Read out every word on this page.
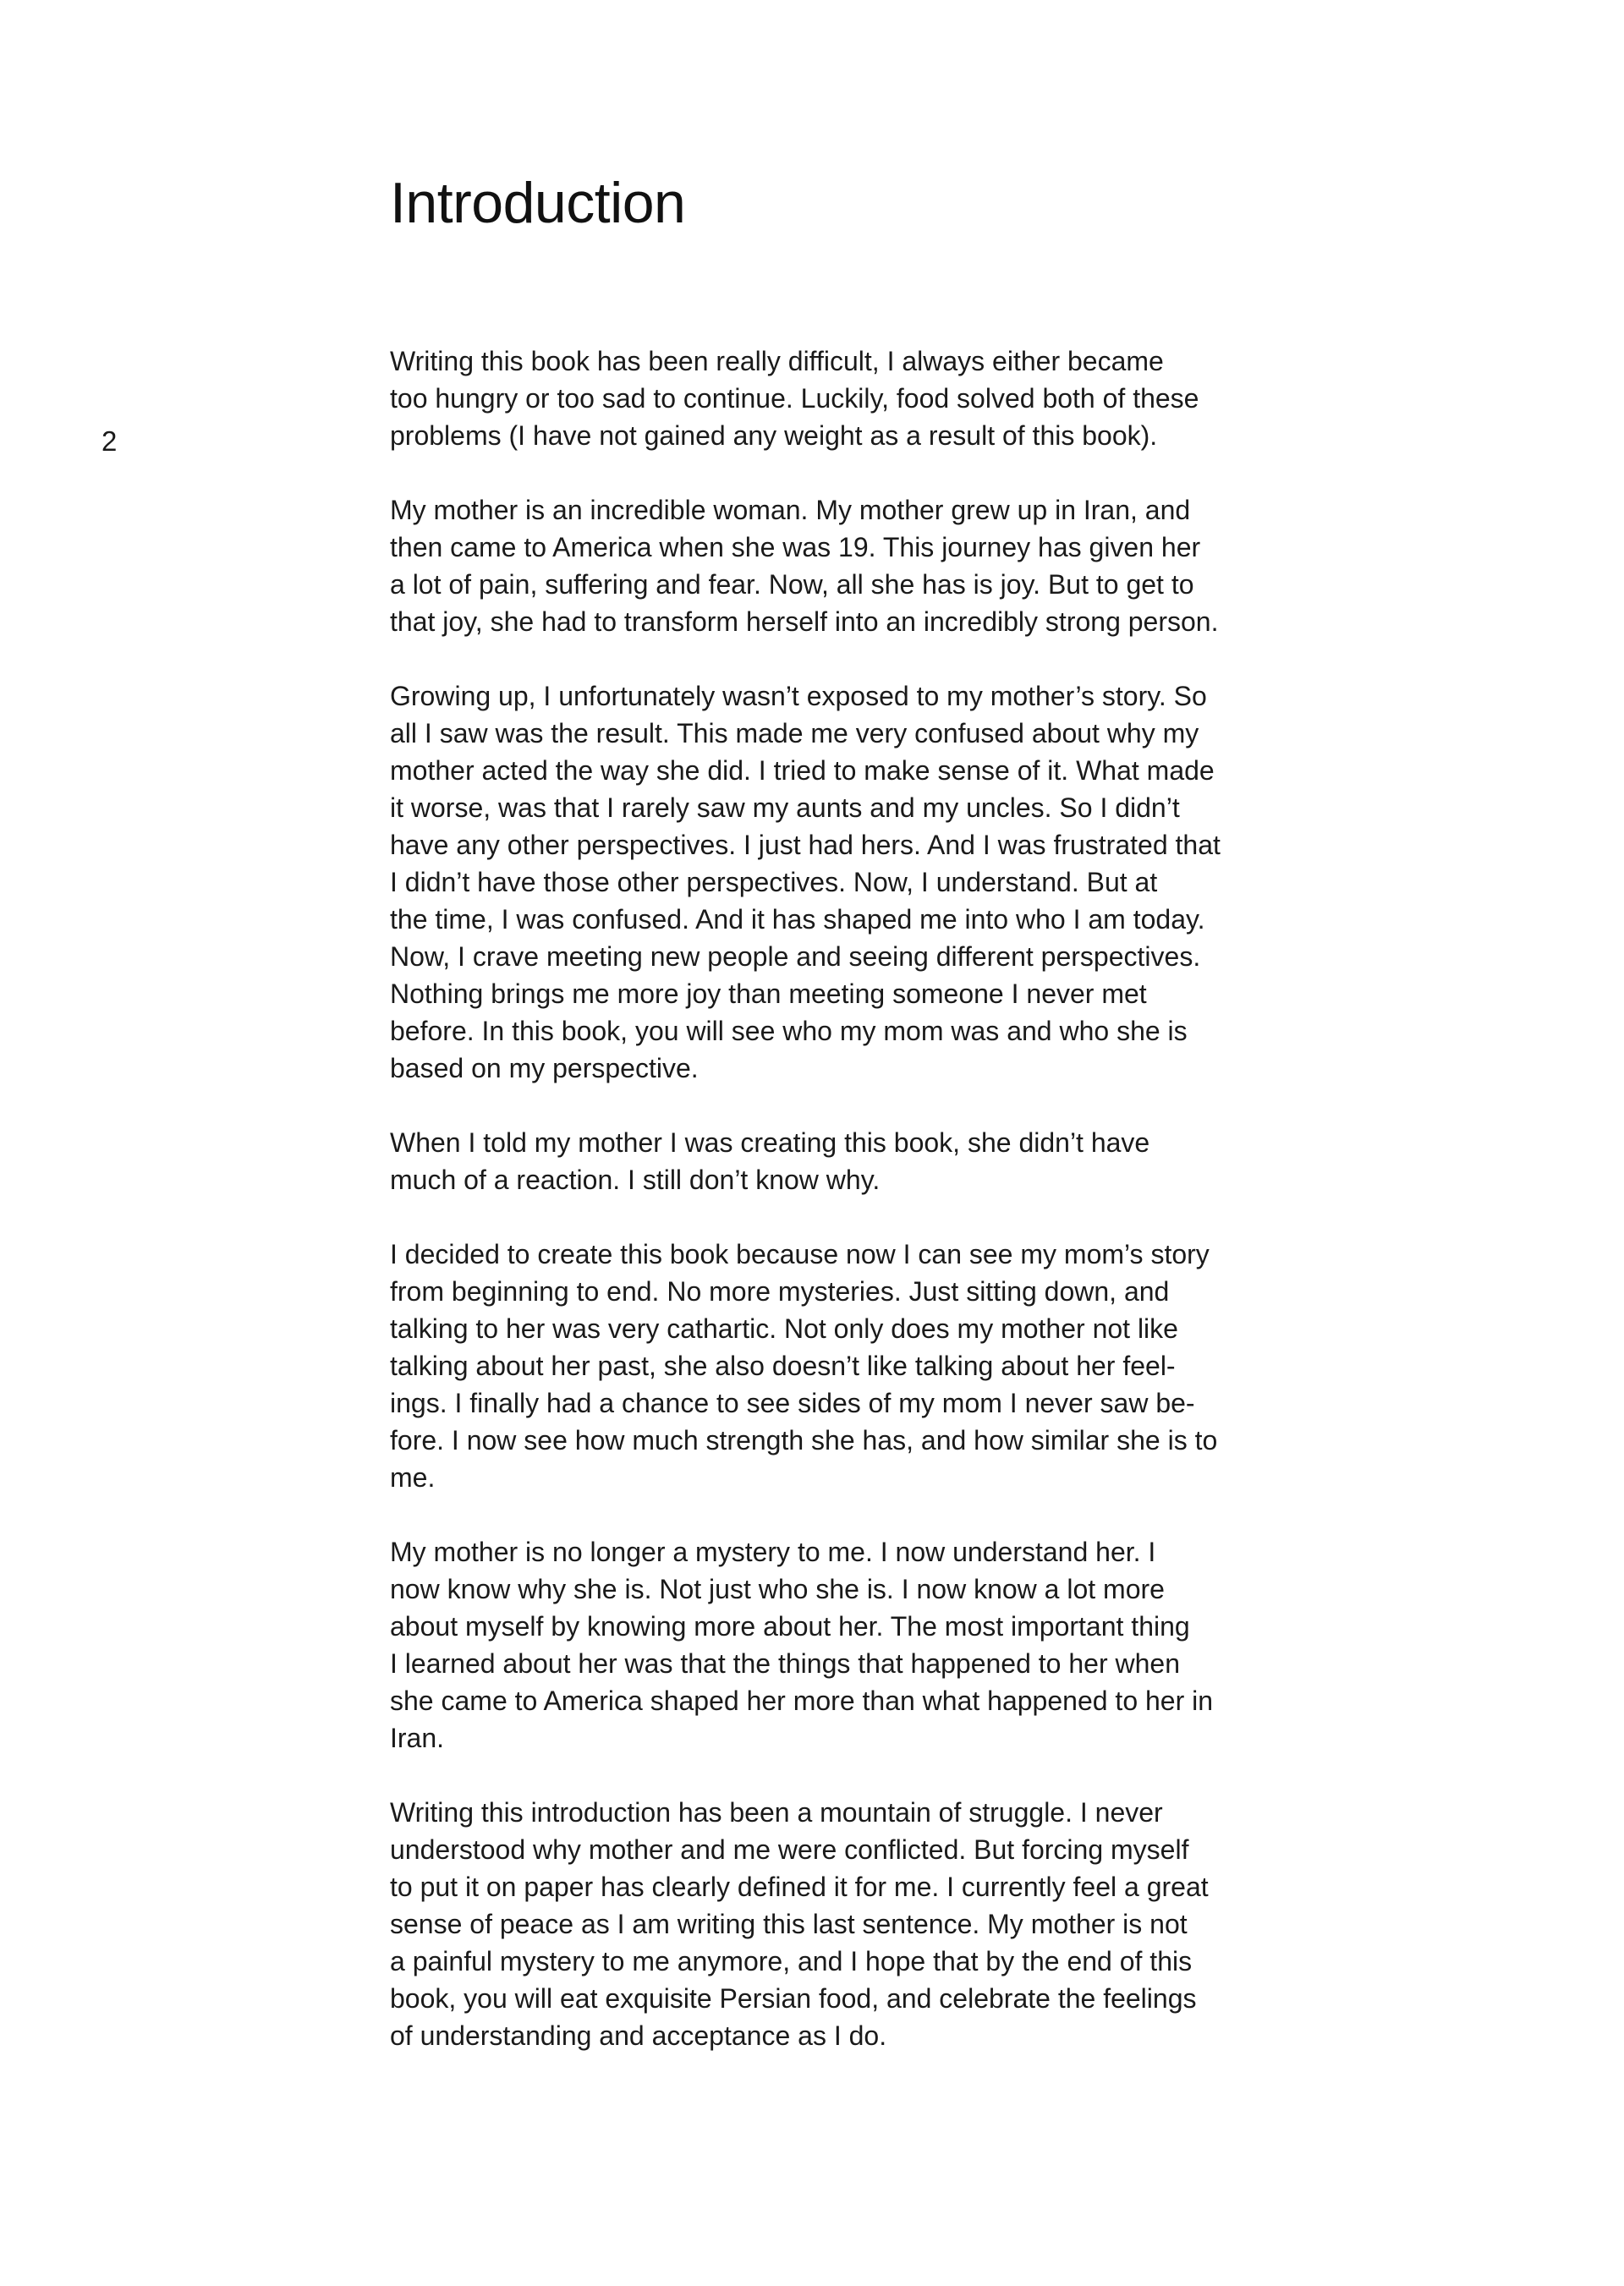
2
Introduction

Writing this book has been really difficult, I always either became
too hungry or too sad to continue. Luckily, food solved both of these
problems (I have not gained any weight as a result of this book).

My mother is an incredible woman. My mother grew up in Iran, and
then came to America when she was 19. This journey has given her
a lot of pain, suffering and fear. Now, all she has is joy. But to get to
that joy, she had to transform herself into an incredibly strong person.

Growing up, I unfortunately wasn’t exposed to my mother’s story. So
all I saw was the result. This made me very confused about why my
mother acted the way she did. I tried to make sense of it. What made
it worse, was that I rarely saw my aunts and my uncles. So I didn’t
have any other perspectives. I just had hers. And I was frustrated that
I didn’t have those other perspectives. Now, I understand. But at
the time, I was confused. And it has shaped me into who I am today.
Now, I crave meeting new people and seeing different perspectives.
Nothing brings me more joy than meeting someone I never met
before. In this book, you will see who my mom was and who she is
based on my perspective.

When I told my mother I was creating this book, she didn’t have
much of a reaction. I still don’t know why.

I decided to create this book because now I can see my mom’s story
from beginning to end. No more mysteries. Just sitting down, and
talking to her was very cathartic. Not only does my mother not like
talking about her past, she also doesn’t like talking about her feel-
ings. I finally had a chance to see sides of my mom I never saw be-
fore. I now see how much strength she has, and how similar she is to
me.

My mother is no longer a mystery to me. I now understand her. I
now know why she is. Not just who she is. I now know a lot more
about myself by knowing more about her. The most important thing
I learned about her was that the things that happened to her when
she came to America shaped her more than what happened to her in
Iran.

Writing this introduction has been a mountain of struggle. I never
understood why mother and me were conflicted. But forcing myself
to put it on paper has clearly defined it for me. I currently feel a great
sense of peace as I am writing this last sentence. My mother is not
a painful mystery to me anymore, and I hope that by the end of this
book, you will eat exquisite Persian food, and celebrate the feelings
of understanding and acceptance as I do.
